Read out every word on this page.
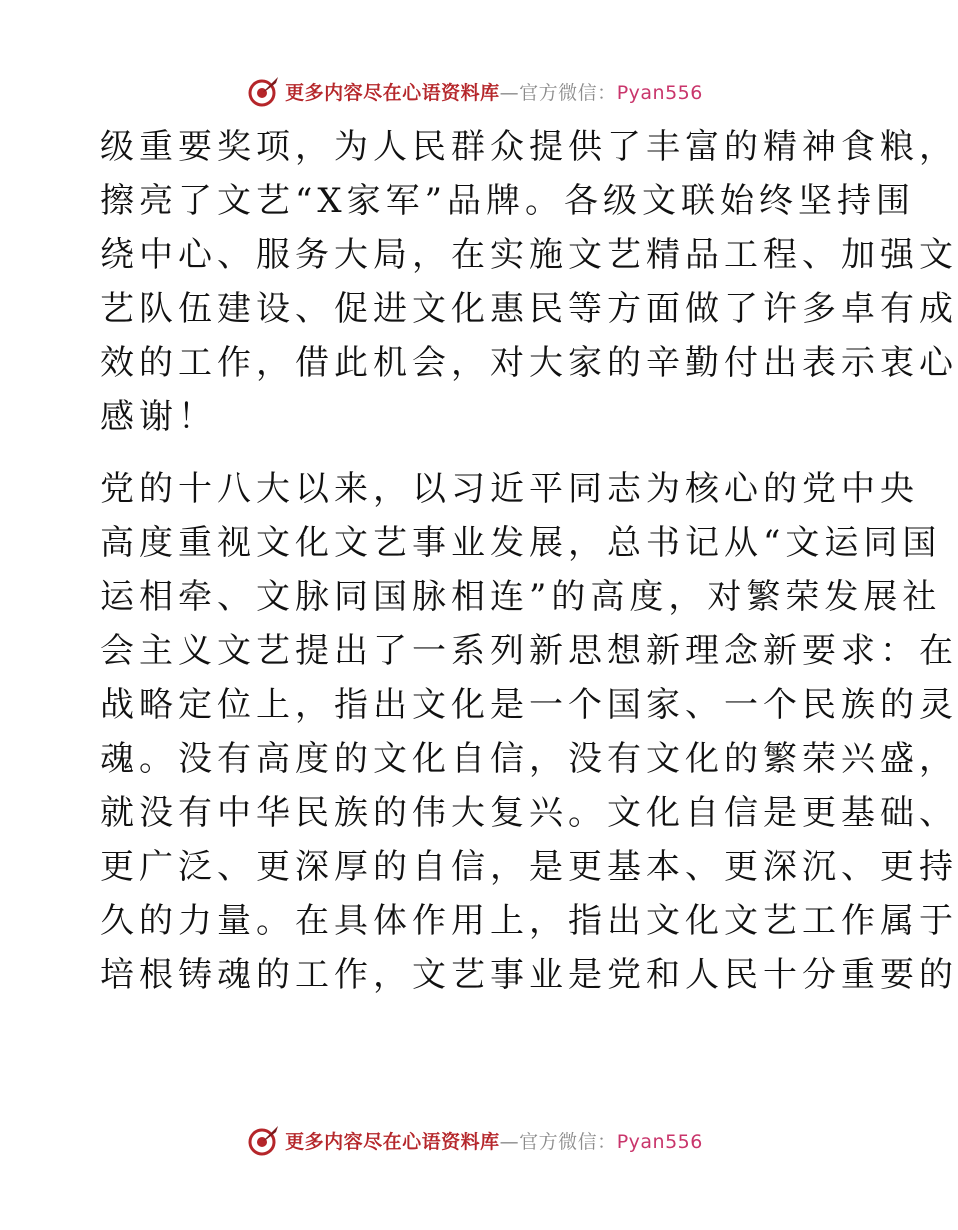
更多内容尽在心语资料库—官方微信：Pyan556
级重要奖项，为人民群众提供了丰富的精神食粮，
擦亮了文艺“X家军”品牌。各级文联始终坚持围
绕中心、服务大局，在实施文艺精品工程、加强文
艺队伍建设、促进文化惠民等方面做了许多卓有成
效的工作，借此机会，对大家的辛勤付出表示衷心
感谢！
党的十八大以来，以习近平同志为核心的党中央
高度重视文化文艺事业发展，总书记从“文运同国
运相牵、文脉同国脉相连”的高度，对繁荣发展社
会主义文艺提出了一系列新思想新理念新要求：在
战略定位上，指出文化是一个国家、一个民族的灵
魂。没有高度的文化自信，没有文化的繁荣兴盛，
就没有中华民族的伟大复兴。文化自信是更基础、
更广泛、更深厚的自信，是更基本、更深沉、更持
久的力量。在具体作用上，指出文化文艺工作属于
培根铸魂的工作，文艺事业是党和人民十分重要的
更多内容尽在心语资料库—官方微信：Pyan556
